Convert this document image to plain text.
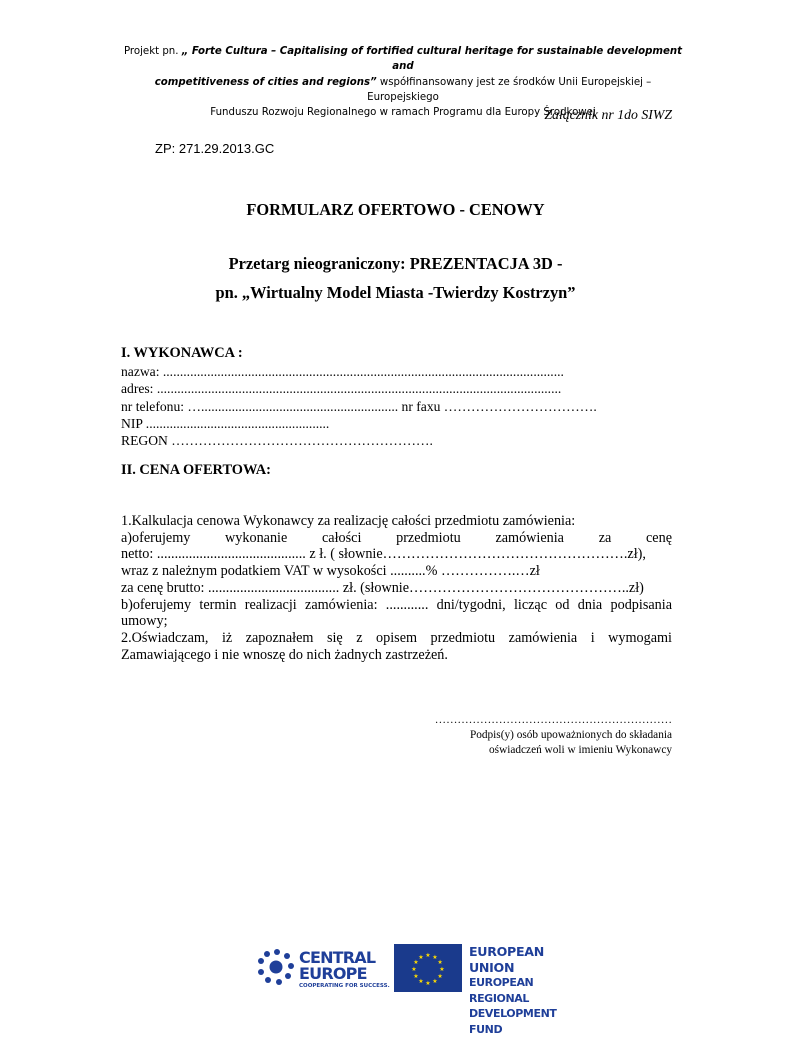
Projekt pn. „ Forte Cultura – Capitalising of fortified cultural heritage for sustainable development and
competitiveness of cities and regions” współfinansowany jest ze środków Unii Europejskiej – Europejskiego
Funduszu Rozwoju Regionalnego w ramach Programu dla Europy Środkowej
Załącznik nr 1do SIWZ
ZP: 271.29.2013.GC
FORMULARZ OFERTOWO - CENOWY
Przetarg nieograniczony: PREZENTACJA 3D -
pn. „Wirtualny Model Miasta -Twierdzy Kostrzyn”
I. WYKONAWCA :
nazwa: ......................................................................................................................
adres: .......................................................................................................................
nr telefonu: ….......................................................... nr faxu …………………………….
NIP ......................................................
REGON ………………………………………………….
II. CENA OFERTOWA:
1.Kalkulacja cenowa Wykonawcy za realizację całości przedmiotu zamówienia:
a)oferujemy wykonanie całości przedmiotu zamówienia za cenę
netto: .......................................... z ł. ( słownie…………………………………………….zł),
wraz z należnym podatkiem VAT w wysokości ..........% …………….…zł
za cenę brutto: ..................................... zł. (słownie………………………………………..zł)
b)oferujemy termin realizacji zamówienia: ............ dni/tygodni, licząc od dnia podpisania umowy;
2.Oświadczam, iż zapoznałem się z opisem przedmiotu zamówienia i wymogami Zamawiającego i nie wnoszę do nich żadnych zastrzeżeń.
………………………………………………………
Podpis(y) osób upoważnionych do składania
oświadczeń woli w imieniu Wykonawcy
CENTRAL
EUROPE
COOPERATING FOR SUCCESS.
★ ★
★
★
★
★
★
★
★
★
★
★	EUROPEAN UNION
EUROPEAN REGIONAL
DEVELOPMENT FUND
